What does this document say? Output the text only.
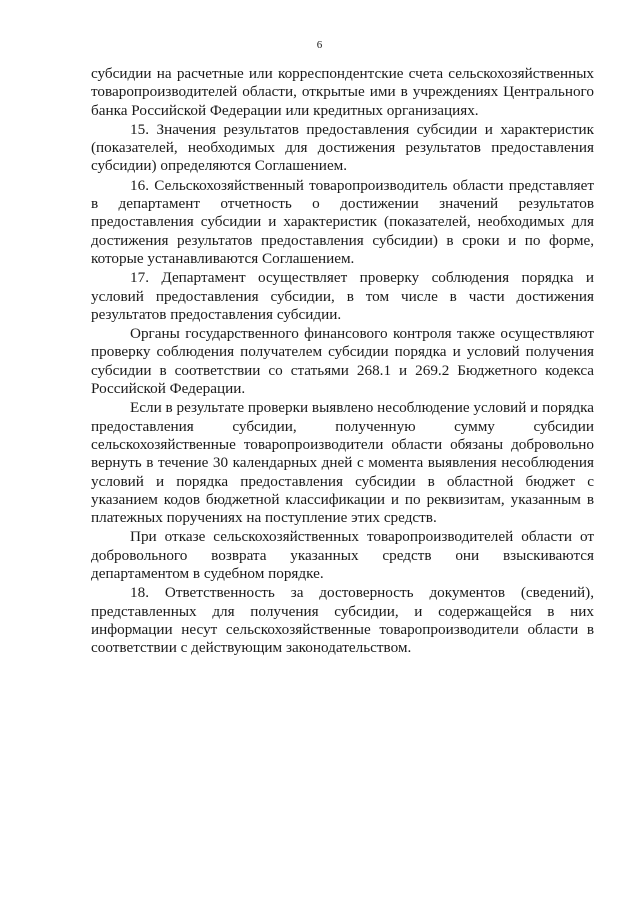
6

субсидии на расчетные или корреспондентские счета сельскохозяйственных товаропроизводителей области, открытые ими в учреждениях Центрального банка Российской Федерации или кредитных организациях.

15. Значения результатов предоставления субсидии и характеристик (показателей, необходимых для достижения результатов предоставления субсидии) определяются Соглашением.

16. Сельскохозяйственный товаропроизводитель области представляет в департамент отчетность о достижении значений результатов предоставления субсидии и характеристик (показателей, необходимых для достижения результатов предоставления субсидии) в сроки и по форме, которые устанавливаются Соглашением.

17. Департамент осуществляет проверку соблюдения порядка и условий предоставления субсидии, в том числе в части достижения результатов предоставления субсидии.

Органы государственного финансового контроля также осуществляют проверку соблюдения получателем субсидии порядка и условий получения субсидии в соответствии со статьями 268.1 и 269.2 Бюджетного кодекса Российской Федерации.

Если в результате проверки выявлено несоблюдение условий и порядка предоставления субсидии, полученную сумму субсидии сельскохозяйственные товаропроизводители области обязаны добровольно вернуть в течение 30 календарных дней с момента выявления несоблюдения условий и порядка предоставления субсидии в областной бюджет с указанием кодов бюджетной классификации и по реквизитам, указанным в платежных поручениях на поступление этих средств.

При отказе сельскохозяйственных товаропроизводителей области от добровольного возврата указанных средств они взыскиваются департаментом в судебном порядке.

18. Ответственность за достоверность документов (сведений), представленных для получения субсидии, и содержащейся в них информации несут сельскохозяйственные товаропроизводители области в соответствии с действующим законодательством.
